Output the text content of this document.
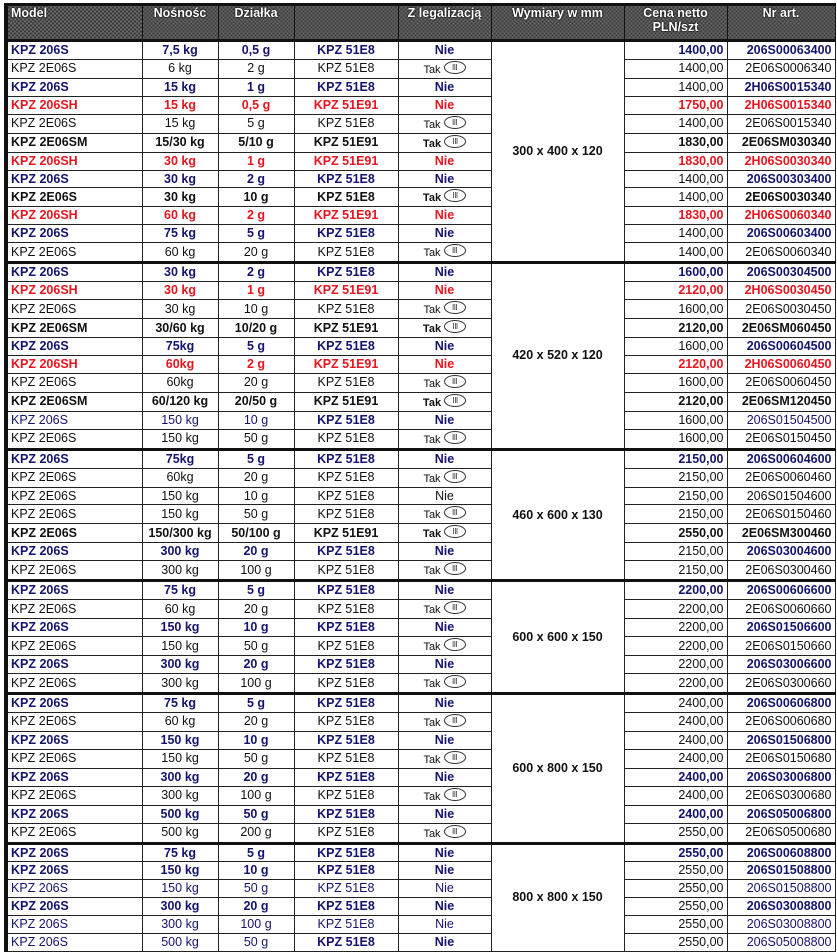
Model	Nośnośc	Działka		Z legalizacją	Wymiary w mm	Cena netto PLN/szt	Nr art.
KPZ 206S	7,5 kg	0,5 g	KPZ 51E8	Nie	300 x 400 x 120	1400,00	206S00063400
KPZ 2E06S	6 kg	2 g	KPZ 51E8	Tak III		1400,00	2E06S0006340
KPZ 206S	15 kg	1 g	KPZ 51E8	Nie		1400,00	2H06S0015340
KPZ 206SH	15 kg	0,5 g	KPZ 51E91	Nie		1750,00	2H06S0015340
KPZ 2E06S	15 kg	5 g	KPZ 51E8	Tak III		1400,00	2E06S0015340
KPZ 2E06SM	15/30 kg	5/10 g	KPZ 51E91	Tak III		1830,00	2E06SM030340
KPZ 206SH	30 kg	1 g	KPZ 51E91	Nie		1830,00	2H06S0030340
KPZ 206S	30 kg	2 g	KPZ 51E8	Nie		1400,00	206S00303400
KPZ 2E06S	30 kg	10 g	KPZ 51E8	Tak III		1400,00	2E06S0030340
KPZ 206SH	60 kg	2 g	KPZ 51E91	Nie		1830,00	2H06S0060340
KPZ 206S	75 kg	5 g	KPZ 51E8	Nie		1400,00	206S00603400
KPZ 2E06S	60 kg	20 g	KPZ 51E8	Tak III		1400,00	2E06S0060340
KPZ 206S	30 kg	2 g	KPZ 51E8	Nie	420 x 520 x 120	1600,00	206S00304500
KPZ 206SH	30 kg	1 g	KPZ 51E91	Nie		2120,00	2H06S0030450
KPZ 2E06S	30 kg	10 g	KPZ 51E8	Tak III		1600,00	2E06S0030450
KPZ 2E06SM	30/60 kg	10/20 g	KPZ 51E91	Tak III		2120,00	2E06SM060450
KPZ 206S	75kg	5 g	KPZ 51E8	Nie		1600,00	206S00604500
KPZ 206SH	60kg	2 g	KPZ 51E91	Nie		2120,00	2H06S0060450
KPZ 2E06S	60kg	20 g	KPZ 51E8	Tak III		1600,00	2E06S0060450
KPZ 2E06SM	60/120 kg	20/50 g	KPZ 51E91	Tak III		2120,00	2E06SM120450
KPZ 206S	150 kg	10 g	KPZ 51E8	Nie		1600,00	206S01504500
KPZ 2E06S	150 kg	50 g	KPZ 51E8	Tak III		1600,00	2E06S0150450
KPZ 206S	75kg	5 g	KPZ 51E8	Nie	460 x 600 x 130	2150,00	206S00604600
KPZ 2E06S	60kg	20 g	KPZ 51E8	Tak III		2150,00	2E06S0060460
KPZ 2E06S	150 kg	10 g	KPZ 51E8	Nie		2150,00	206S01504600
KPZ 2E06S	150 kg	50 g	KPZ 51E8	Tak III		2150,00	2E06S0150460
KPZ 2E06S	150/300 kg	50/100 g	KPZ 51E91	Tak III		2550,00	2E06SM300460
KPZ 206S	300 kg	20 g	KPZ 51E8	Nie		2150,00	206S03004600
KPZ 2E06S	300 kg	100 g	KPZ 51E8	Tak III		2150,00	2E06S0300460
KPZ 206S	75 kg	5 g	KPZ 51E8	Nie	600 x 600 x 150	2200,00	206S00606600
KPZ 2E06S	60 kg	20 g	KPZ 51E8	Tak III		2200,00	2E06S0060660
KPZ 206S	150 kg	10 g	KPZ 51E8	Nie		2200,00	206S01506600
KPZ 2E06S	150 kg	50 g	KPZ 51E8	Tak III		2200,00	2E06S0150660
KPZ 206S	300 kg	20 g	KPZ 51E8	Nie		2200,00	206S03006600
KPZ 2E06S	300 kg	100 g	KPZ 51E8	Tak III		2200,00	2E06S0300660
KPZ 206S	75 kg	5 g	KPZ 51E8	Nie	600 x 800 x 150	2400,00	206S00606800
KPZ 2E06S	60 kg	20 g	KPZ 51E8	Tak III		2400,00	2E06S0060680
KPZ 206S	150 kg	10 g	KPZ 51E8	Nie		2400,00	206S01506800
KPZ 2E06S	150 kg	50 g	KPZ 51E8	Tak III		2400,00	2E06S0150680
KPZ 206S	300 kg	20 g	KPZ 51E8	Nie		2400,00	206S03006800
KPZ 2E06S	300 kg	100 g	KPZ 51E8	Tak III		2400,00	2E06S0300680
KPZ 206S	500 kg	50 g	KPZ 51E8	Nie		2400,00	206S05006800
KPZ 2E06S	500 kg	200 g	KPZ 51E8	Tak III		2550,00	2E06S0500680
KPZ 206S	75 kg	5 g	KPZ 51E8	Nie	800 x 800 x 150	2550,00	206S00608800
KPZ 206S	150 kg	10 g	KPZ 51E8	Nie		2550,00	206S01508800
KPZ 206S	150 kg	50 g	KPZ 51E8	Nie		2550,00	206S01508800
KPZ 206S	300 kg	20 g	KPZ 51E8	Nie		2550,00	206S03008800
KPZ 206S	300 kg	100 g	KPZ 51E8	Nie		2550,00	206S03008800
KPZ 206S	500 kg	50 g	KPZ 51E8	Nie		2550,00	206S05008800
